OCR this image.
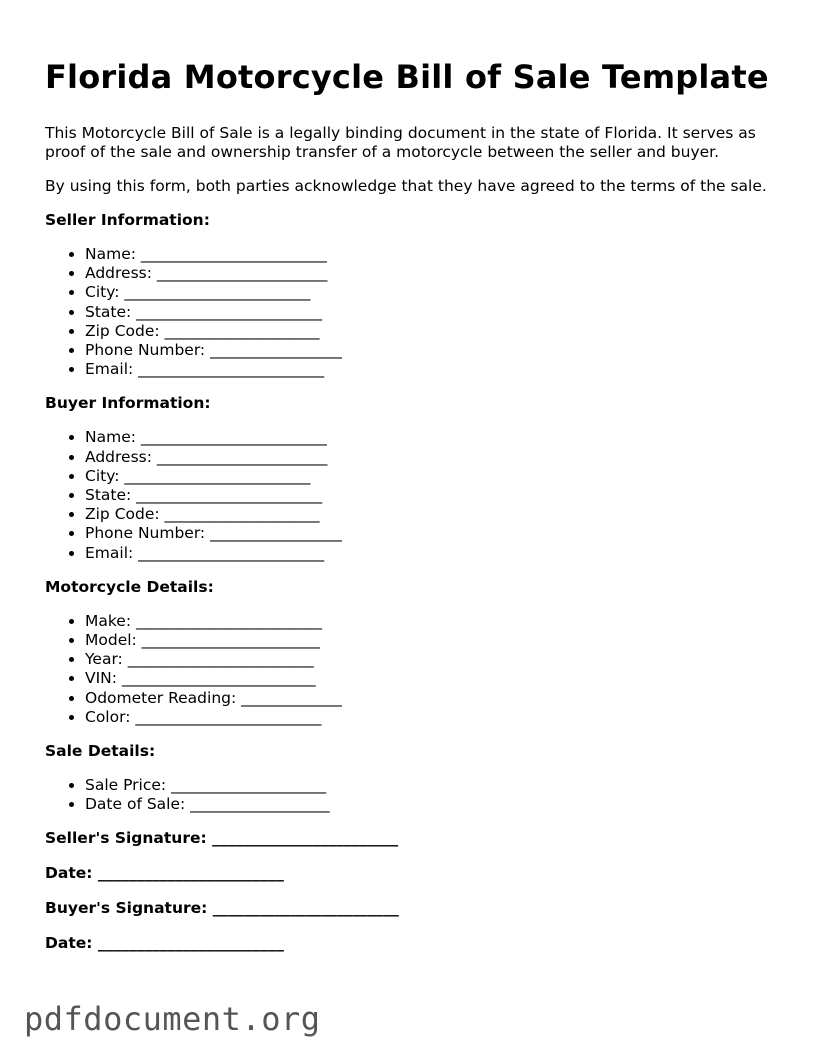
Florida Motorcycle Bill of Sale Template

This Motorcycle Bill of Sale is a legally binding document in the state of Florida. It serves as proof of the sale and ownership transfer of a motorcycle between the seller and buyer.

By using this form, both parties acknowledge that they have agreed to the terms of the sale.

Seller Information:
• Name: ________________________
• Address: ______________________
• City: ________________________
• State: ________________________
• Zip Code: ____________________
• Phone Number: _________________
• Email: ________________________
Buyer Information:
• Name: ________________________
• Address: ______________________
• City: ________________________
• State: ________________________
• Zip Code: ____________________
• Phone Number: _________________
• Email: ________________________
Motorcycle Details:
• Make: ________________________
• Model: _______________________
• Year: ________________________
• VIN: _________________________
• Odometer Reading: _____________
• Color: ________________________
Sale Details:
• Sale Price: ____________________
• Date of Sale: __________________
Seller's Signature: ________________________
Date: ________________________
Buyer's Signature: ________________________
Date: ________________________
pdfdocument.org
